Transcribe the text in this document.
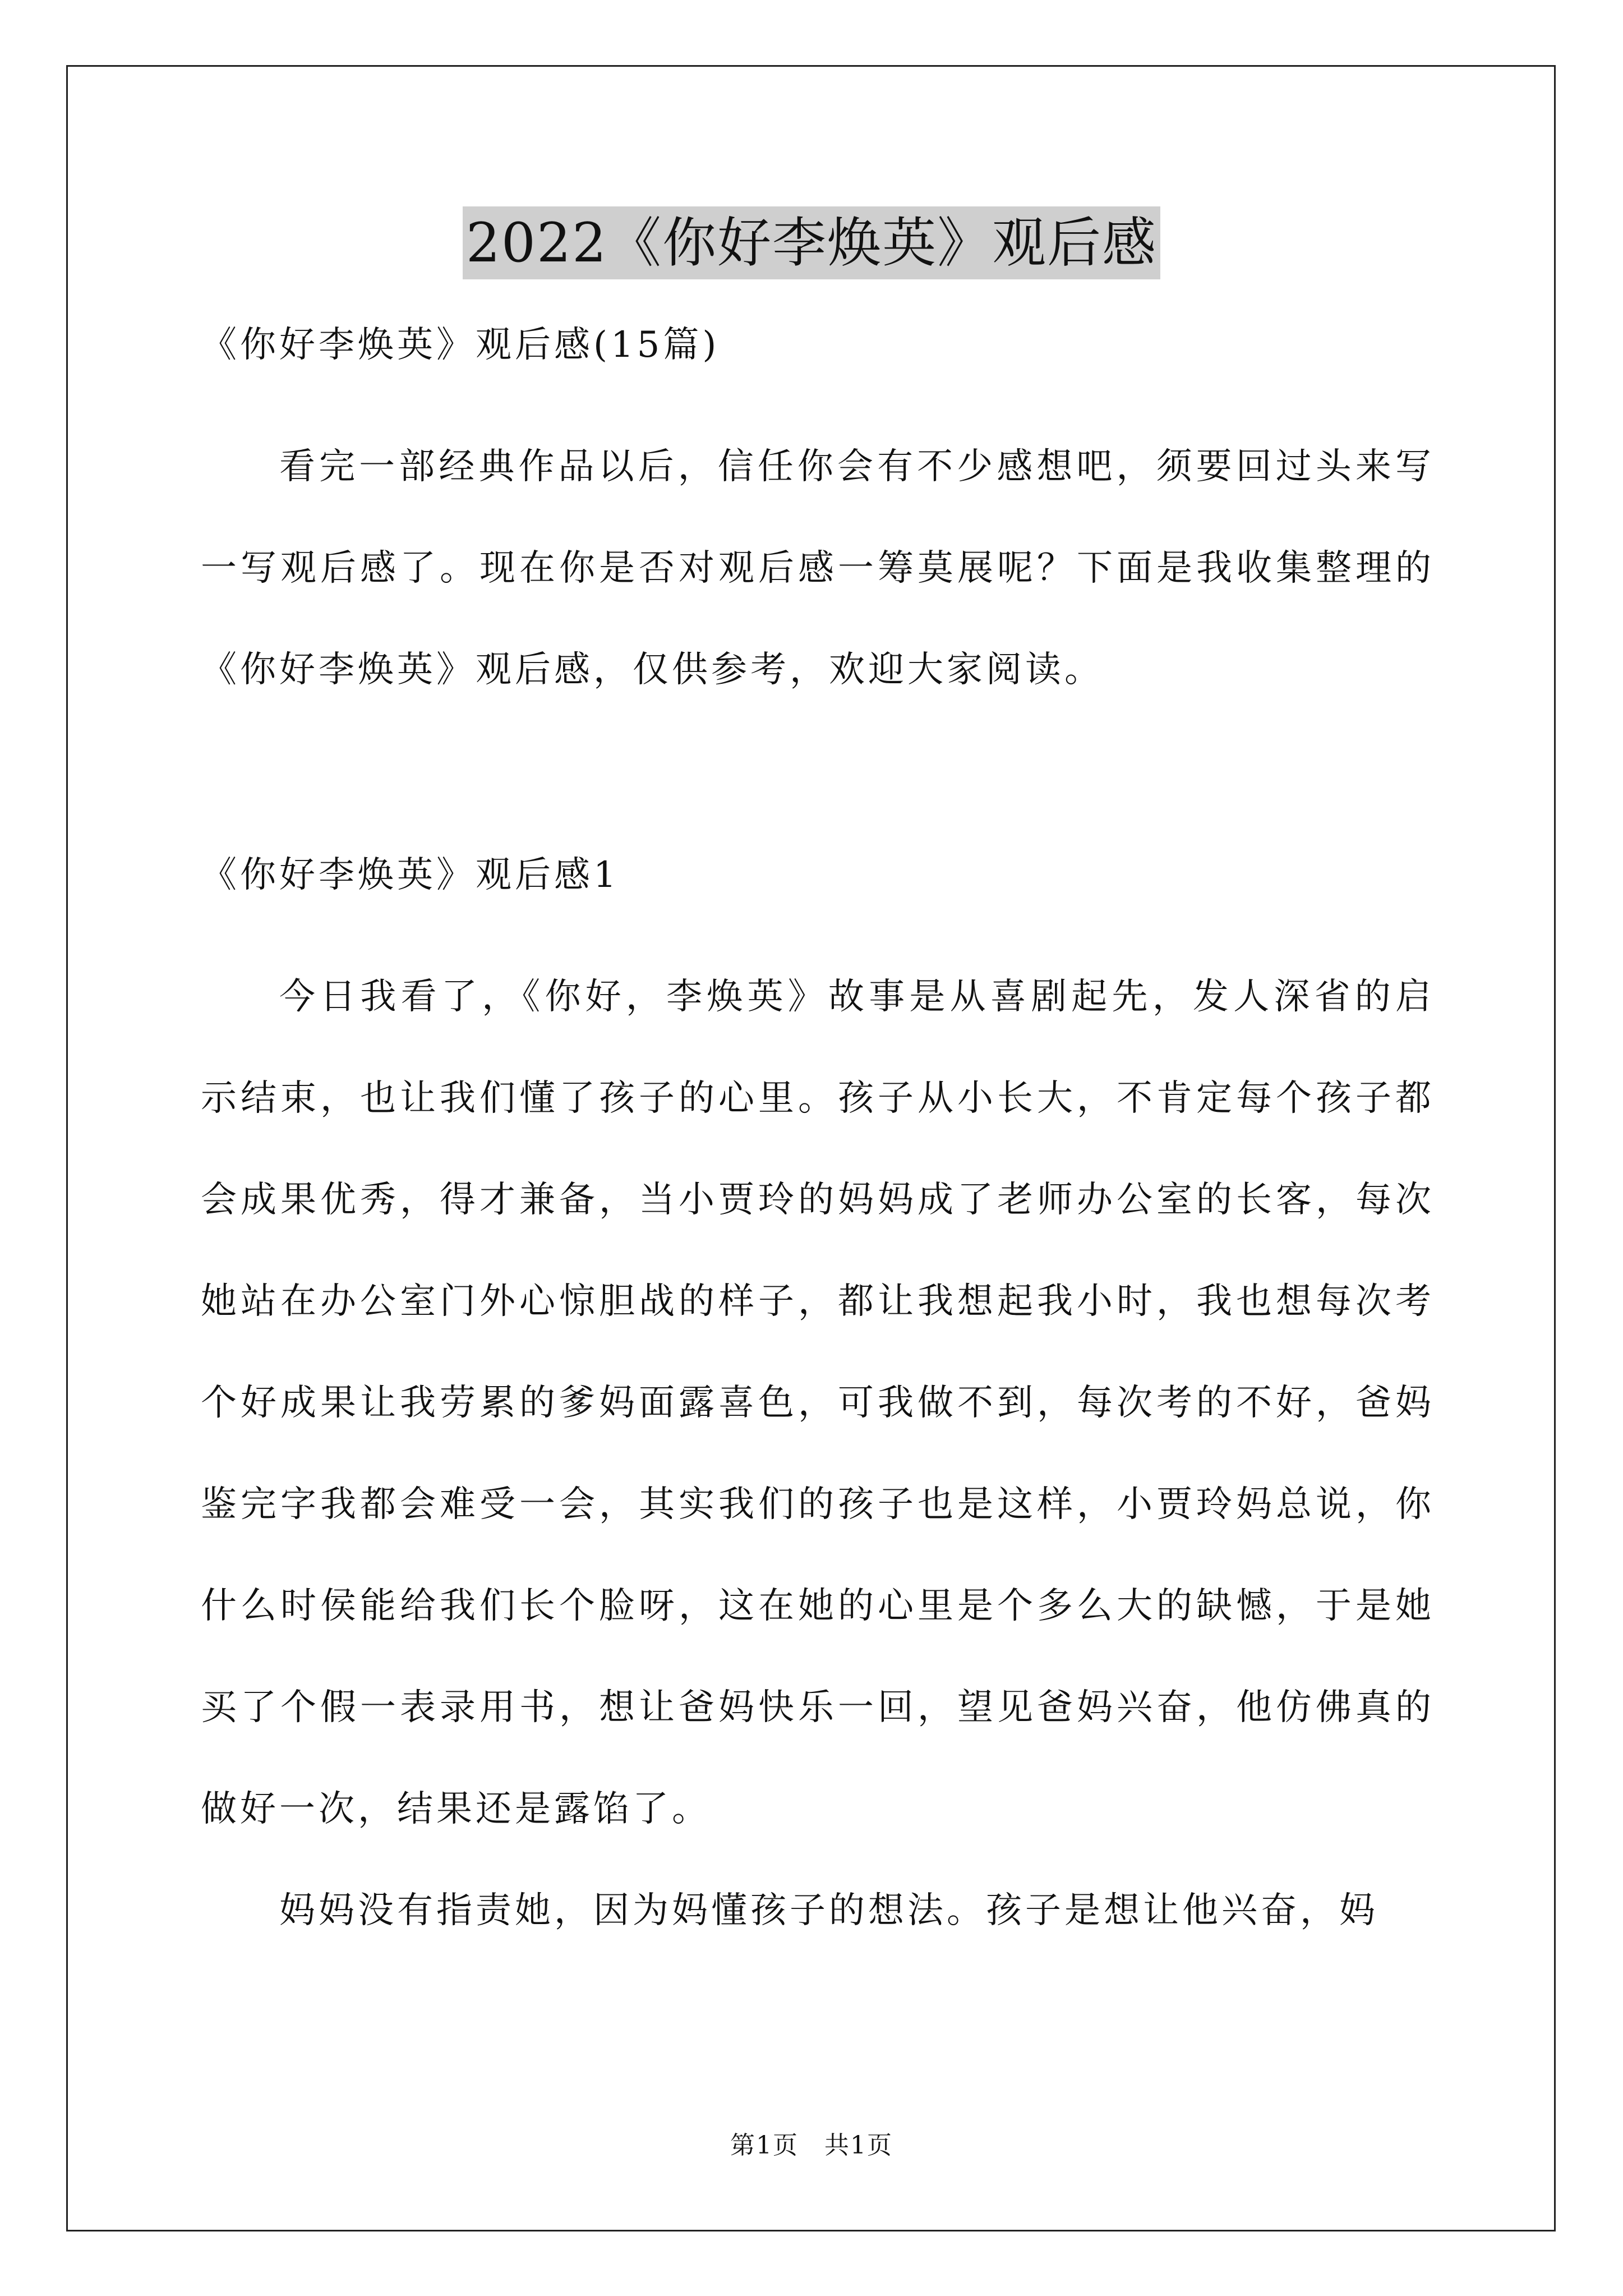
2022《你好李焕英》观后感
《你好李焕英》观后感(15篇)

看完一部经典作品以后，信任你会有不少感想吧，须要回过头来写一写观后感了。现在你是否对观后感一筹莫展呢？下面是我收集整理的《你好李焕英》观后感，仅供参考，欢迎大家阅读。

《你好李焕英》观后感1

今日我看了，《你好，李焕英》故事是从喜剧起先，发人深省的启示结束，也让我们懂了孩子的心里。孩子从小长大，不肯定每个孩子都会成果优秀，得才兼备，当小贾玲的妈妈成了老师办公室的长客，每次她站在办公室门外心惊胆战的样子，都让我想起我小时，我也想每次考个好成果让我劳累的爹妈面露喜色，可我做不到，每次考的不好，爸妈鉴完字我都会难受一会，其实我们的孩子也是这样，小贾玲妈总说，你什么时侯能给我们长个脸呀，这在她的心里是个多么大的缺憾，于是她买了个假一表录用书，想让爸妈快乐一回，望见爸妈兴奋，他仿佛真的做好一次，结果还是露馅了。

妈妈没有指责她，因为妈懂孩子的想法。孩子是想让他兴奋，妈

第1页　共1页
